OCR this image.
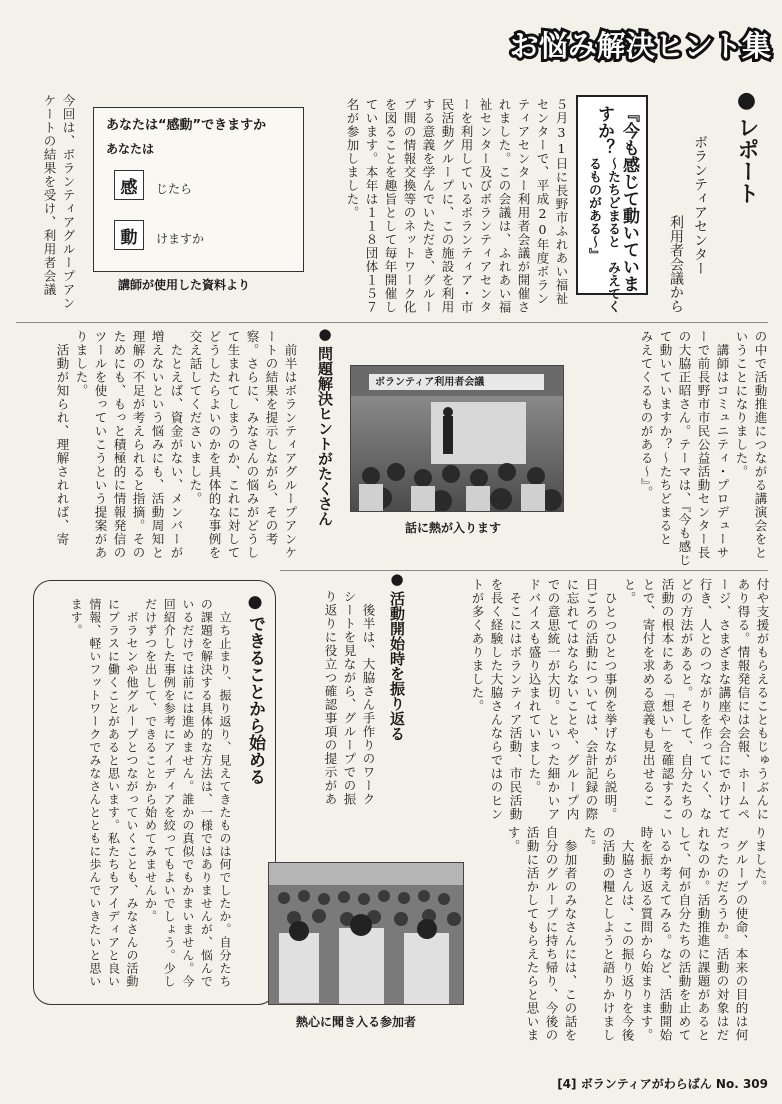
お 悩 み 解 決 ヒ ン ト 集
● レポート
ボランティアセンター
利用者会議から
『今も感じて動いていますか？
～たちどまると　みえてくるものがある～』
５月31日に長野市ふれあい福祉センターで、平成20年度ボランティアセンター利用者会議が開催されました。この会議は、ふれあい福祉センター及びボランティアセンターを利用しているボランティア・市民活動グループに、この施設を利用する意義を学んでいただき、グループ間の情報交換等のネットワーク化を図ることを趣旨として毎年開催しています。本年は１１８団体１５７名が参加しました。
あなたは“感動”できますか
あなたは
感	じたら
動	けますか
講師が使用した資料より
今回は、ボランティアグループアンケートの結果を受け、利用者会議
の中で活動推進につながる講演会をということになりました。
　講師はコミュニティ・プロデューサーで前長野市市民公益活動センター長の大脇正昭さん。テーマは、『今も感じて動いていますか？～たちどまると　みえてくるものがある～』。
ボランティア利用者会議
話に熱が入ります
● 問題解決ヒントがたくさん
　前半はボランティアグループアンケートの結果を提示しながら、その考察。さらに、みなさんの悩みがどうして生まれてしまうのか、これに対してどうしたらよいのかを具体的な事例を交え話してくださいました。
　たとえば、資金がない、メンバーが増えないという悩みにも、活動周知と理解の不足が考えられると指摘。そのためにも、もっと積極的に情報発信のツールを使っていこうという提案がありました。
　活動が知られ、理解されれば、寄
付や支援がもらえることもじゅうぶんにあり得る。情報発信には会報、ホームページ、さまざまな講座や会合にでかけて行き、人とのつながりを作っていく、などの方法があると。そして、自分たちの活動の根本にある「想い」を確認することで、寄付を求める意義も見出せること。
　ひとつひとつ事例を挙げながら説明。日ごろの活動については、会計記録の際に忘れてはならないことや、グループ内での意思統一が大切。といった細かいアドバイスも盛り込まれていました。
　そこにはボランティア活動、市民活動を長く経験した大脇さんならではのヒントが多くありました。
● 活動開始時を振り返る
　後半は、大脇さん手作りのワークシートを見ながら、グループでの振り返りに役立つ確認事項の提示があ
● できることから始める
　立ち止まり、振り返り、見えてきたものは何でしたか。自分たちの課題を解決する具体的な方法は、一様ではありませんが、悩んでいるだけでは前には進めません。誰かの真似でもかまいません。今回紹介した事例を参考にアイディアを絞ってもよいでしょう。少しだけずつを出して、できることから始めてみませんか。
　ボラセンや他グループとつながっていくことも、みなさんの活動にプラスに働くことがあると思います。私たちもアイディアと良い情報、軽いフットワークでみなさんとともに歩んでいきたいと思います。
りました。
　グループの使命、本来の目的は何だったのだろうか。活動の対象はだれなのか。活動推進に課題があるとして、何が自分たちの活動を止めているか考えてみる。など、活動開始時を振り返る質問から始まります。
　大脇さんは、この振り返りを今後の活動の糧としようと語りかけました。
　参加者のみなさんには、この話を自分のグループに持ち帰り、今後の活動に活かしてもらえたらと思います。
熱心に聞き入る参加者
[4] ボランティアがわらばん No. 309
